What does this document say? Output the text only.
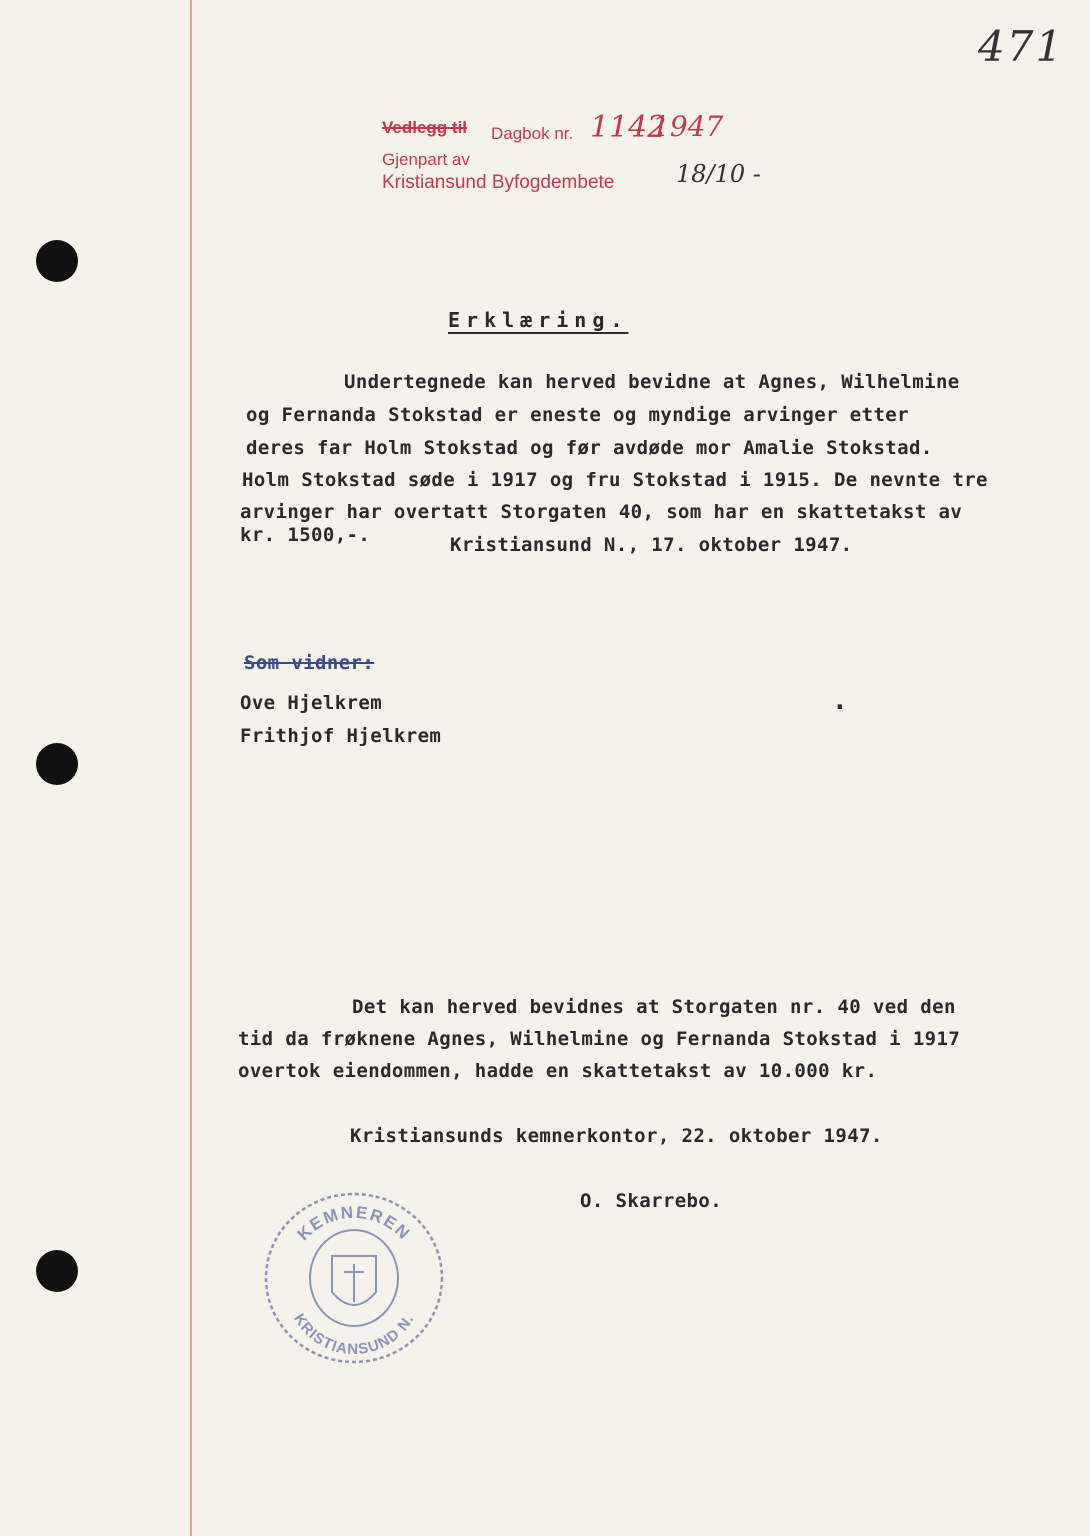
471
Vedlegg til Dagbok nr. 1142
1947
Gjenpart av
Kristiansund Byfogdembete	18/10 -
Erklæring.
Undertegnede kan herved bevidne at Agnes, Wilhelmine
og Fernanda Stokstad er eneste og myndige arvinger etter
deres far Holm Stokstad og før avdøde mor Amalie Stokstad.
Holm Stokstad søde i 1917 og fru Stokstad i 1915. De nevnte tre
arvinger har overtatt Storgaten 40, som har en skattetakst av
kr. 1500,-.	Kristiansund N., 17. oktober 1947.
Som vidner:
Ove Hjelkrem
Frithjof Hjelkrem
.
Det kan herved bevidnes at Storgaten nr. 40 ved den
tid da frøknene Agnes, Wilhelmine og Fernanda Stokstad i 1917
overtok eiendommen, hadde en skattetakst av 10.000 kr.
Kristiansunds kemnerkontor, 22. oktober 1947.
O. Skarrebo.
KEMNEREN
KRISTIANSUND N.
